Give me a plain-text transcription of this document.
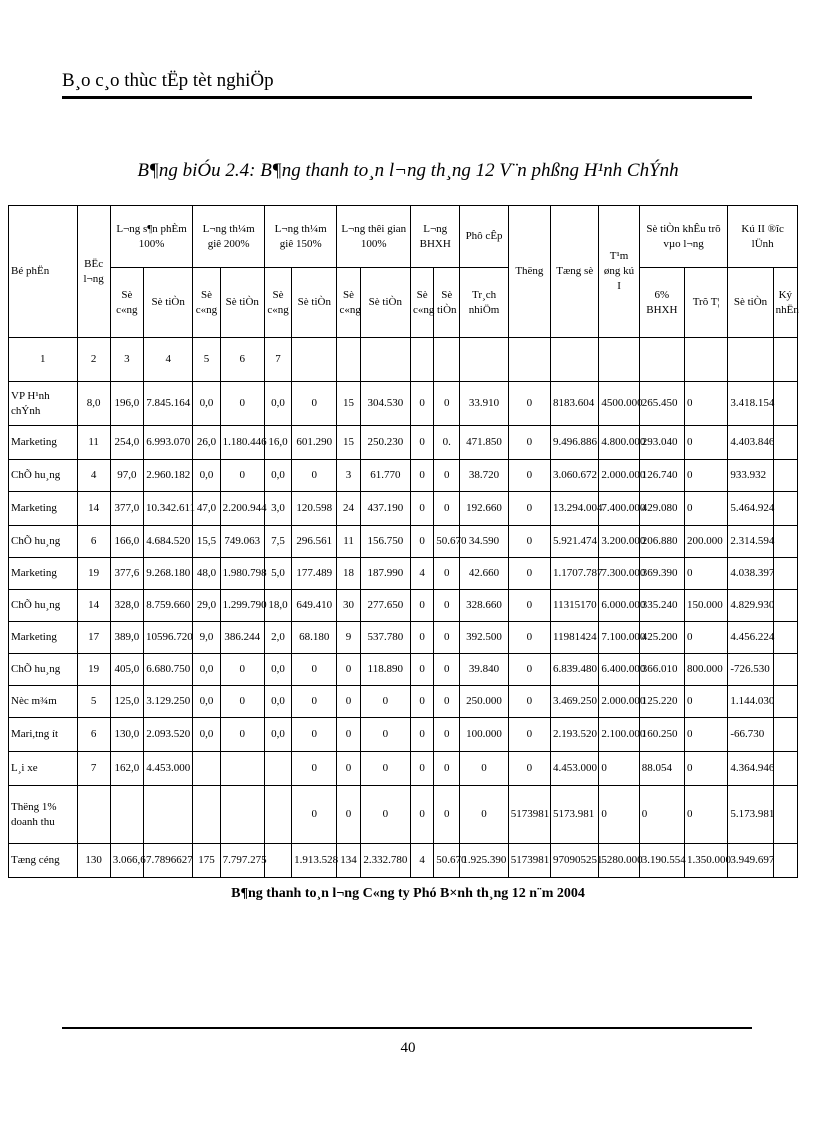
B¸o c¸o thùc tËp tèt nghiÖp
B¶ng biÓu 2.4: B¶ng thanh to¸n l¬ng th¸ng 12 V¨n phßng H¹nh ChÝnh
Bé phËn	BËc l¬ng	L¬ng s¶n phÈm 100%		L¬ng th¼m giê 200%		L¬ng th¼m giê 150%		L¬ng thêi gian 100%		L¬ng BHXH		Phô cÊp	Thëng	Tæng sè	T¹m øng kú I	Sè tiÒn khÊu trõ vµo l¬ng		Kú II ®îc lÜnh	
		Sè c«ng	Sè tiÒn	Sè c«ng	Sè tiÒn	Sè c«ng	Sè tiÒn	Sè c«ng	Sè tiÒn	Sè c«ng	Sè tiÒn	Tr¸ch nhiÖm				6% BHXH	Trõ T¦	Sè tiÒn	Ký nhËn
1	2	3	4	5	6	7													
VP H¹nh chÝnh	8,0	196,0	7.845.164	0,0	0	0,0	0	15	304.530	0	0	33.910	0	8183.604	4500.000	265.450	0	3.418.154	
Marketing	11	254,0	6.993.070	26,0	1.180.446	16,0	601.290	15	250.230	0	0.	471.850	0	9.496.886	4.800.000	293.040	0	4.403.846	
ChÕ hu¸ng	4	97,0	2.960.182	0,0	0	0,0	0	3	61.770	0	0	38.720	0	3.060.672	2.000.000	126.740	0	933.932	
Marketing	14	377,0	10.342.611	47,0	2.200.944	3,0	120.598	24	437.190	0	0	192.660	0	13.294.004	7.400.000	429.080	0	5.464.924	
ChÕ hu¸ng	6	166,0	4.684.520	15,5	749.063	7,5	296.561	11	156.750	0	50.670	34.590	0	5.921.474	3.200.000	206.880	200.000	2.314.594	
Marketing	19	377,6	9.268.180	48,0	1.980.798	5,0	177.489	18	187.990	4	0	42.660	0	1.1707.787	7.300.000	369.390	0	4.038.397	
ChÕ hu¸ng	14	328,0	8.759.660	29,0	1.299.790	18,0	649.410	30	277.650	0	0	328.660	0	11315170	6.000.000	335.240	150.000	4.829.930	
Marketing	17	389,0	10596.720	9,0	386.244	2,0	68.180	9	537.780	0	0	392.500	0	11981424	7.100.000	425.200	0	4.456.224	
ChÕ hu¸ng	19	405,0	6.680.750	0,0	0	0,0	0	0	118.890	0	0	39.840	0	6.839.480	6.400.000	366.010	800.000	-726.530	
Nèc m¾m	5	125,0	3.129.250	0,0	0	0,0	0	0	0	0	0	250.000	0	3.469.250	2.000.000	125.220	0	1.144.030	
Mari,tng ít	6	130,0	2.093.520	0,0	0	0,0	0	0	0	0	0	100.000	0	2.193.520	2.100.000	160.250	0	-66.730	
L¸i xe	7	162,0	4.453.000				0	0	0	0	0	0	0	4.453.000	0	88.054	0	4.364.946	
Thëng 1% doanh thu							0	0	0	0	0	0	5173981	5173.981	0	0	0	5.173.981	
Tæng céng	130	3.066,6	7.7896627	175	7.797.275		1.913.528	134	2.332.780	4	50.670	1.925.390	5173981	970905251	5280.000	3.190.554	1.350.000	3.949.697	
B¶ng thanh to¸n l¬ng C«ng ty Phó B×nh th¸ng 12 n¨m 2004
40
